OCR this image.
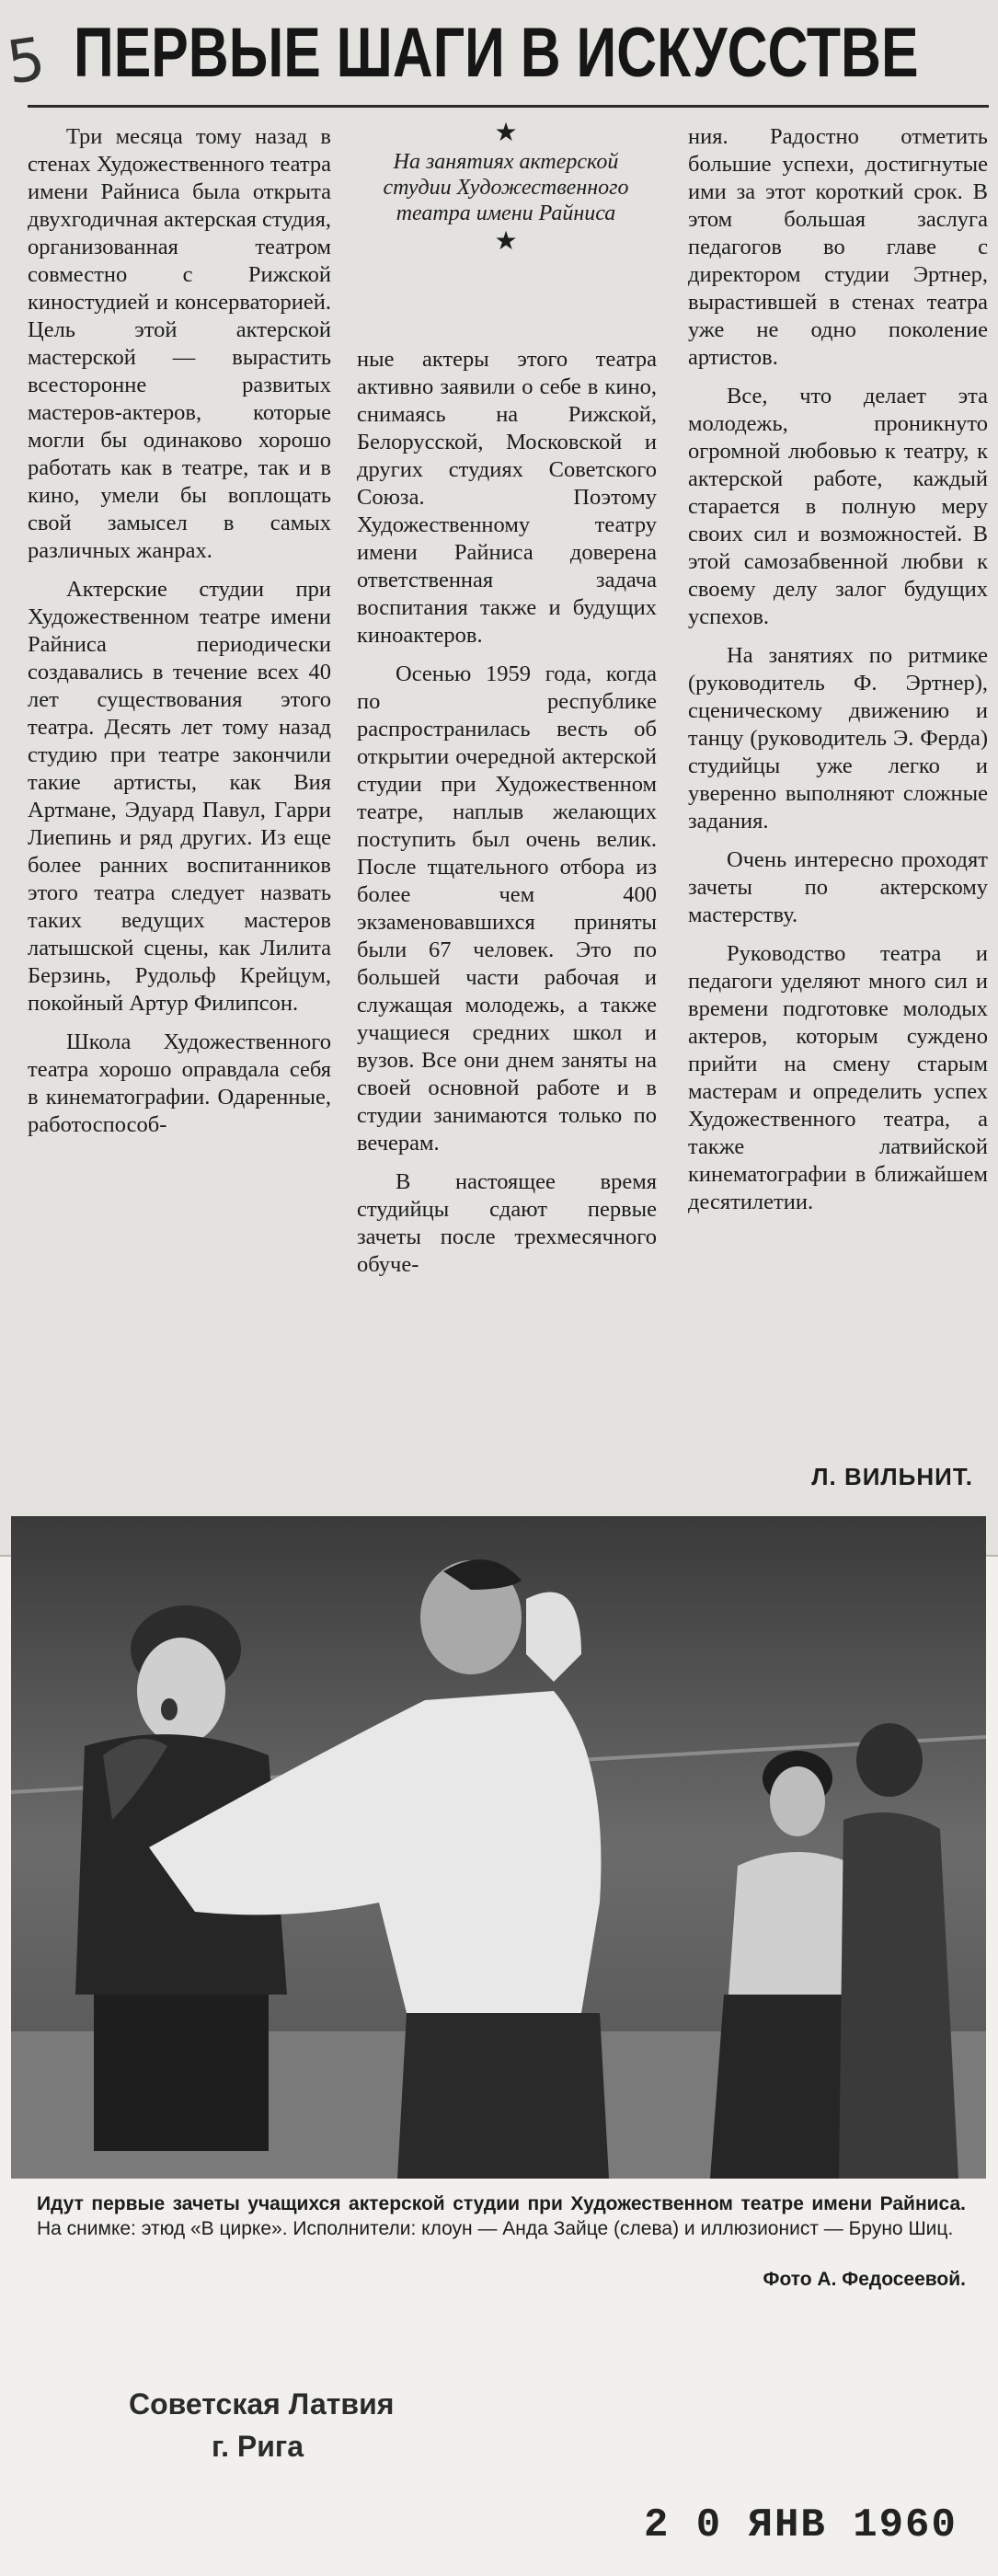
5 ПЕРВЫЕ ШАГИ В ИСКУССТВЕ
★
На занятиях актерской студии Художественного театра имени Райниса
★

Три месяца тому назад в стенах Художественного театра имени Райниса была открыта двухгодичная актерская студия, организованная театром совместно с Рижской киностудией и консерваторией. Цель этой актерской мастерской — вырастить всесторонне развитых мастеров-актеров, которые могли бы одинаково хорошо работать как в театре, так и в кино, умели бы воплощать свой замысел в самых различных жанрах.

Актерские студии при Художественном театре имени Райниса периодически создавались в течение всех 40 лет существования этого театра. Десять лет тому назад студию при театре закончили такие артисты, как Вия Артмане, Эдуард Павул, Гарри Лиепинь и ряд других. Из еще более ранних воспитанников этого театра следует назвать таких ведущих мастеров латышской сцены, как Лилита Берзинь, Рудольф Крейцум, покойный Артур Филипсон.

Школа Художественного театра хорошо оправдала себя в кинематографии. Одаренные, работоспособ-

ные актеры этого театра активно заявили о себе в кино, снимаясь на Рижской, Белорусской, Московской и других студиях Советского Союза. Поэтому Художественному театру имени Райниса доверена ответственная задача воспитания также и будущих киноактеров.

Осенью 1959 года, когда по республике распространилась весть об открытии очередной актерской студии при Художественном театре, наплыв желающих поступить был очень велик. После тщательного отбора из более чем 400 экзаменовавшихся приняты были 67 человек. Это по большей части рабочая и служащая молодежь, а также учащиеся средних школ и вузов. Все они днем заняты на своей основной работе и в студии занимаются только по вечерам.

В настоящее время студийцы сдают первые зачеты после трехмесячного обуче-

ния. Радостно отметить большие успехи, достигнутые ими за этот короткий срок. В этом большая заслуга педагогов во главе с директором студии Эртнер, выраcтившей в стенах театра уже не одно поколение артистов.

Все, что делает эта молодежь, проникнуто огромной любовью к театру, к актерской работе, каждый старается в полную меру своих сил и возможностей. В этой самозабвенной любви к своему делу залог будущих успехов.

На занятиях по ритмике (руководитель Ф. Эртнер), сценическому движению и танцу (руководитель Э. Ферда) студийцы уже легко и уверенно выполняют сложные задания.

Очень интересно проходят зачеты по актерскому мастерству.

Руководство театра и педагоги уделяют много сил и времени подготовке молодых актеров, которым суждено прийти на смену старым мастерам и определить успех Художественного театра, а также латвийской кинематографии в ближайшем десятилетии.

Л. ВИЛЬНИТ.
Идут первые зачеты учащихся актерской студии при Художественном театре имени Райниса. На снимке: этюд «В цирке». Исполнители: клоун — Анда Зайце (слева) и иллюзионист — Бруно Шиц.
Фото А. Федосеевой.
Советская Латвия
г. Рига
2 0 ЯНВ 1960
